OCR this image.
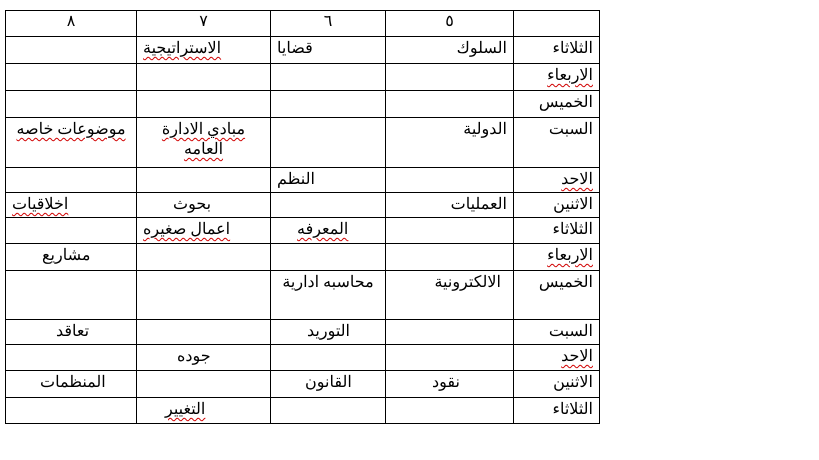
	٥	٦	٧	٨
الثلاثاء	السلوك	قضايا	الاستراتيجية	
الاربعاء				
الخميس				
السبت	الدولية		مبادي الادارة العامه	موضوعات خاصه
الاحد		النظم		
الاثنين	العمليات		بحوث	اخلاقيات
الثلاثاء		المعرفه	اعمال صغيره	
الاربعاء				مشاريع
الخميس	الالكترونية	محاسبه ادارية		
السبت		التوريد		تعاقد
الاحد			جوده	
الاثنين	نقود	القانون		المنظمات
الثلاثاء			التغيير	
